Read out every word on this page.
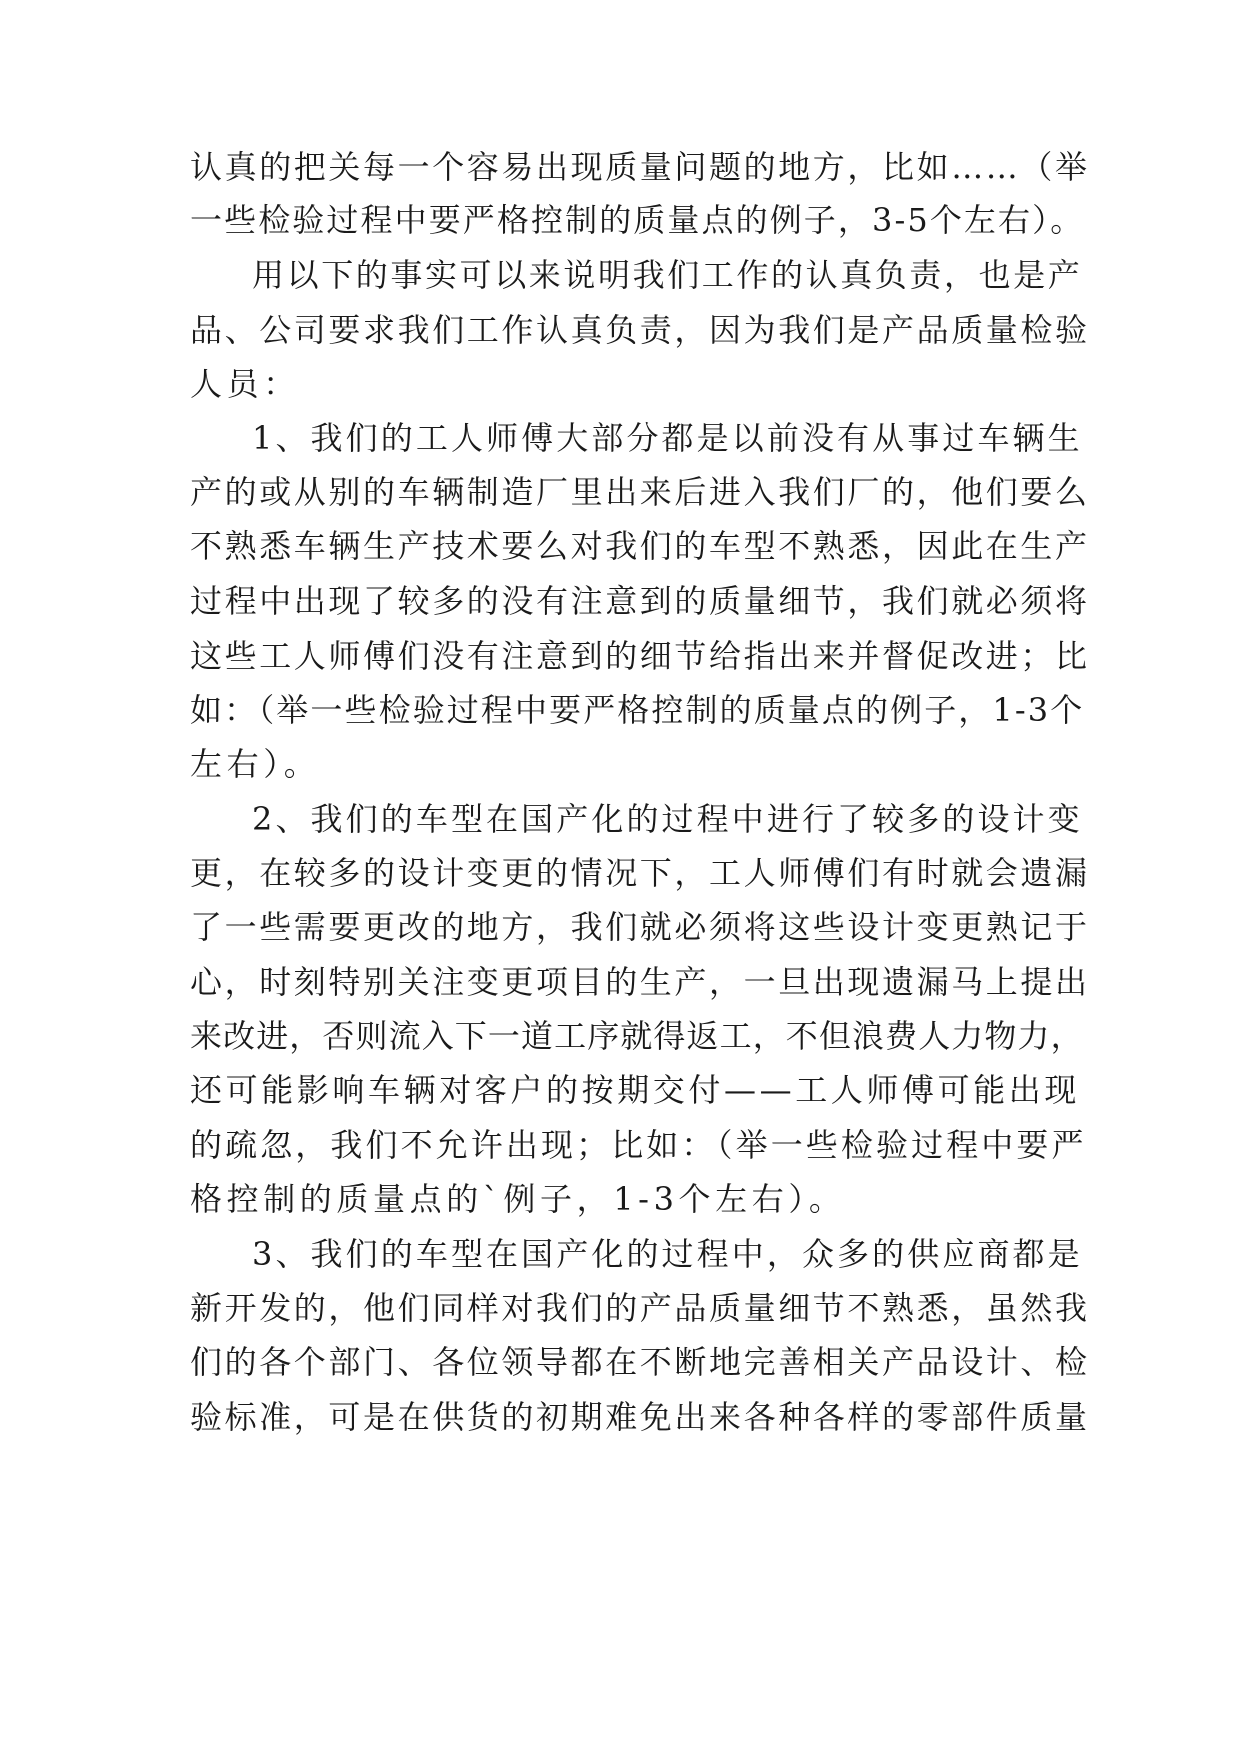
认真的把关每一个容易出现质量问题的地方，比如……（举
一些检验过程中要严格控制的质量点的例子，3-5个左右）。
用以下的事实可以来说明我们工作的认真负责，也是产
品、公司要求我们工作认真负责，因为我们是产品质量检验
人员：
1、我们的工人师傅大部分都是以前没有从事过车辆生
产的或从别的车辆制造厂里出来后进入我们厂的，他们要么
不熟悉车辆生产技术要么对我们的车型不熟悉，因此在生产
过程中出现了较多的没有注意到的质量细节，我们就必须将
这些工人师傅们没有注意到的细节给指出来并督促改进；比
如：（举一些检验过程中要严格控制的质量点的例子，1-3个
左右）。
2、我们的车型在国产化的过程中进行了较多的设计变
更，在较多的设计变更的情况下，工人师傅们有时就会遗漏
了一些需要更改的地方，我们就必须将这些设计变更熟记于
心，时刻特别关注变更项目的生产，一旦出现遗漏马上提出
来改进，否则流入下一道工序就得返工，不但浪费人力物力，
还可能影响车辆对客户的按期交付——工人师傅可能出现
的疏忽，我们不允许出现；比如：（举一些检验过程中要严
格控制的质量点的`例子，1-3个左右）。
3、我们的车型在国产化的过程中，众多的供应商都是
新开发的，他们同样对我们的产品质量细节不熟悉，虽然我
们的各个部门、各位领导都在不断地完善相关产品设计、检
验标准，可是在供货的初期难免出来各种各样的零部件质量
